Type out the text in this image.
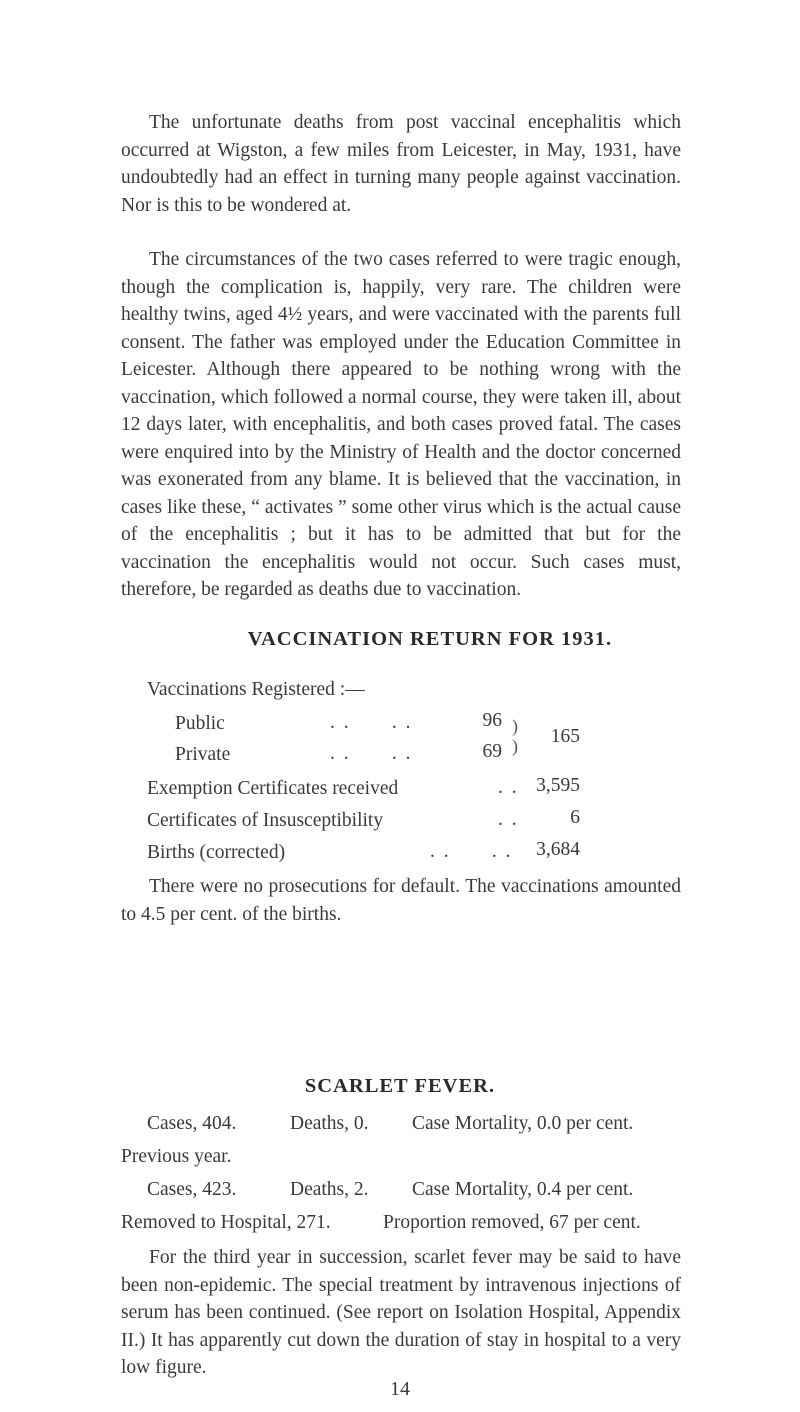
The unfortunate deaths from post vaccinal encephalitis which occurred at Wigston, a few miles from Leicester, in May, 1931, have undoubtedly had an effect in turning many people against vaccination. Nor is this to be wondered at.

The circumstances of the two cases referred to were tragic enough, though the complication is, happily, very rare. The children were healthy twins, aged 4½ years, and were vaccinated with the parents full consent. The father was employed under the Education Committee in Leicester. Although there appeared to be nothing wrong with the vaccination, which followed a normal course, they were taken ill, about 12 days later, with encephalitis, and both cases proved fatal. The cases were enquired into by the Ministry of Health and the doctor concerned was exonerated from any blame. It is believed that the vaccination, in cases like these, “ activates ” some other virus which is the actual cause of the encephalitis ; but it has to be admitted that but for the vaccination the encephalitis would not occur. Such cases must, therefore, be regarded as deaths due to vaccination.

VACCINATION RETURN FOR 1931.
Vaccinations Registered :—
Public	. .      . .	96
Private	. .      . .	69
)
)	165
Exemption Certificates received	. . 3,595
Certificates of Insusceptibility	. .	6
Births (corrected)	. .      . .	3,684

There were no prosecutions for default. The vaccinations amounted to 4.5 per cent. of the births.

SCARLET FEVER.
Cases, 404.	Deaths, 0. Case Mortality, 0.0 per cent.
Previous year.
Cases, 423.	Deaths, 2. Case Mortality, 0.4 per cent.
Removed to Hospital, 271.	Proportion removed, 67 per cent.

For the third year in succession, scarlet fever may be said to have been non-epidemic. The special treatment by intravenous injections of serum has been continued. (See report on Isolation Hospital, Appendix II.) It has apparently cut down the duration of stay in hospital to a very low figure.

14
